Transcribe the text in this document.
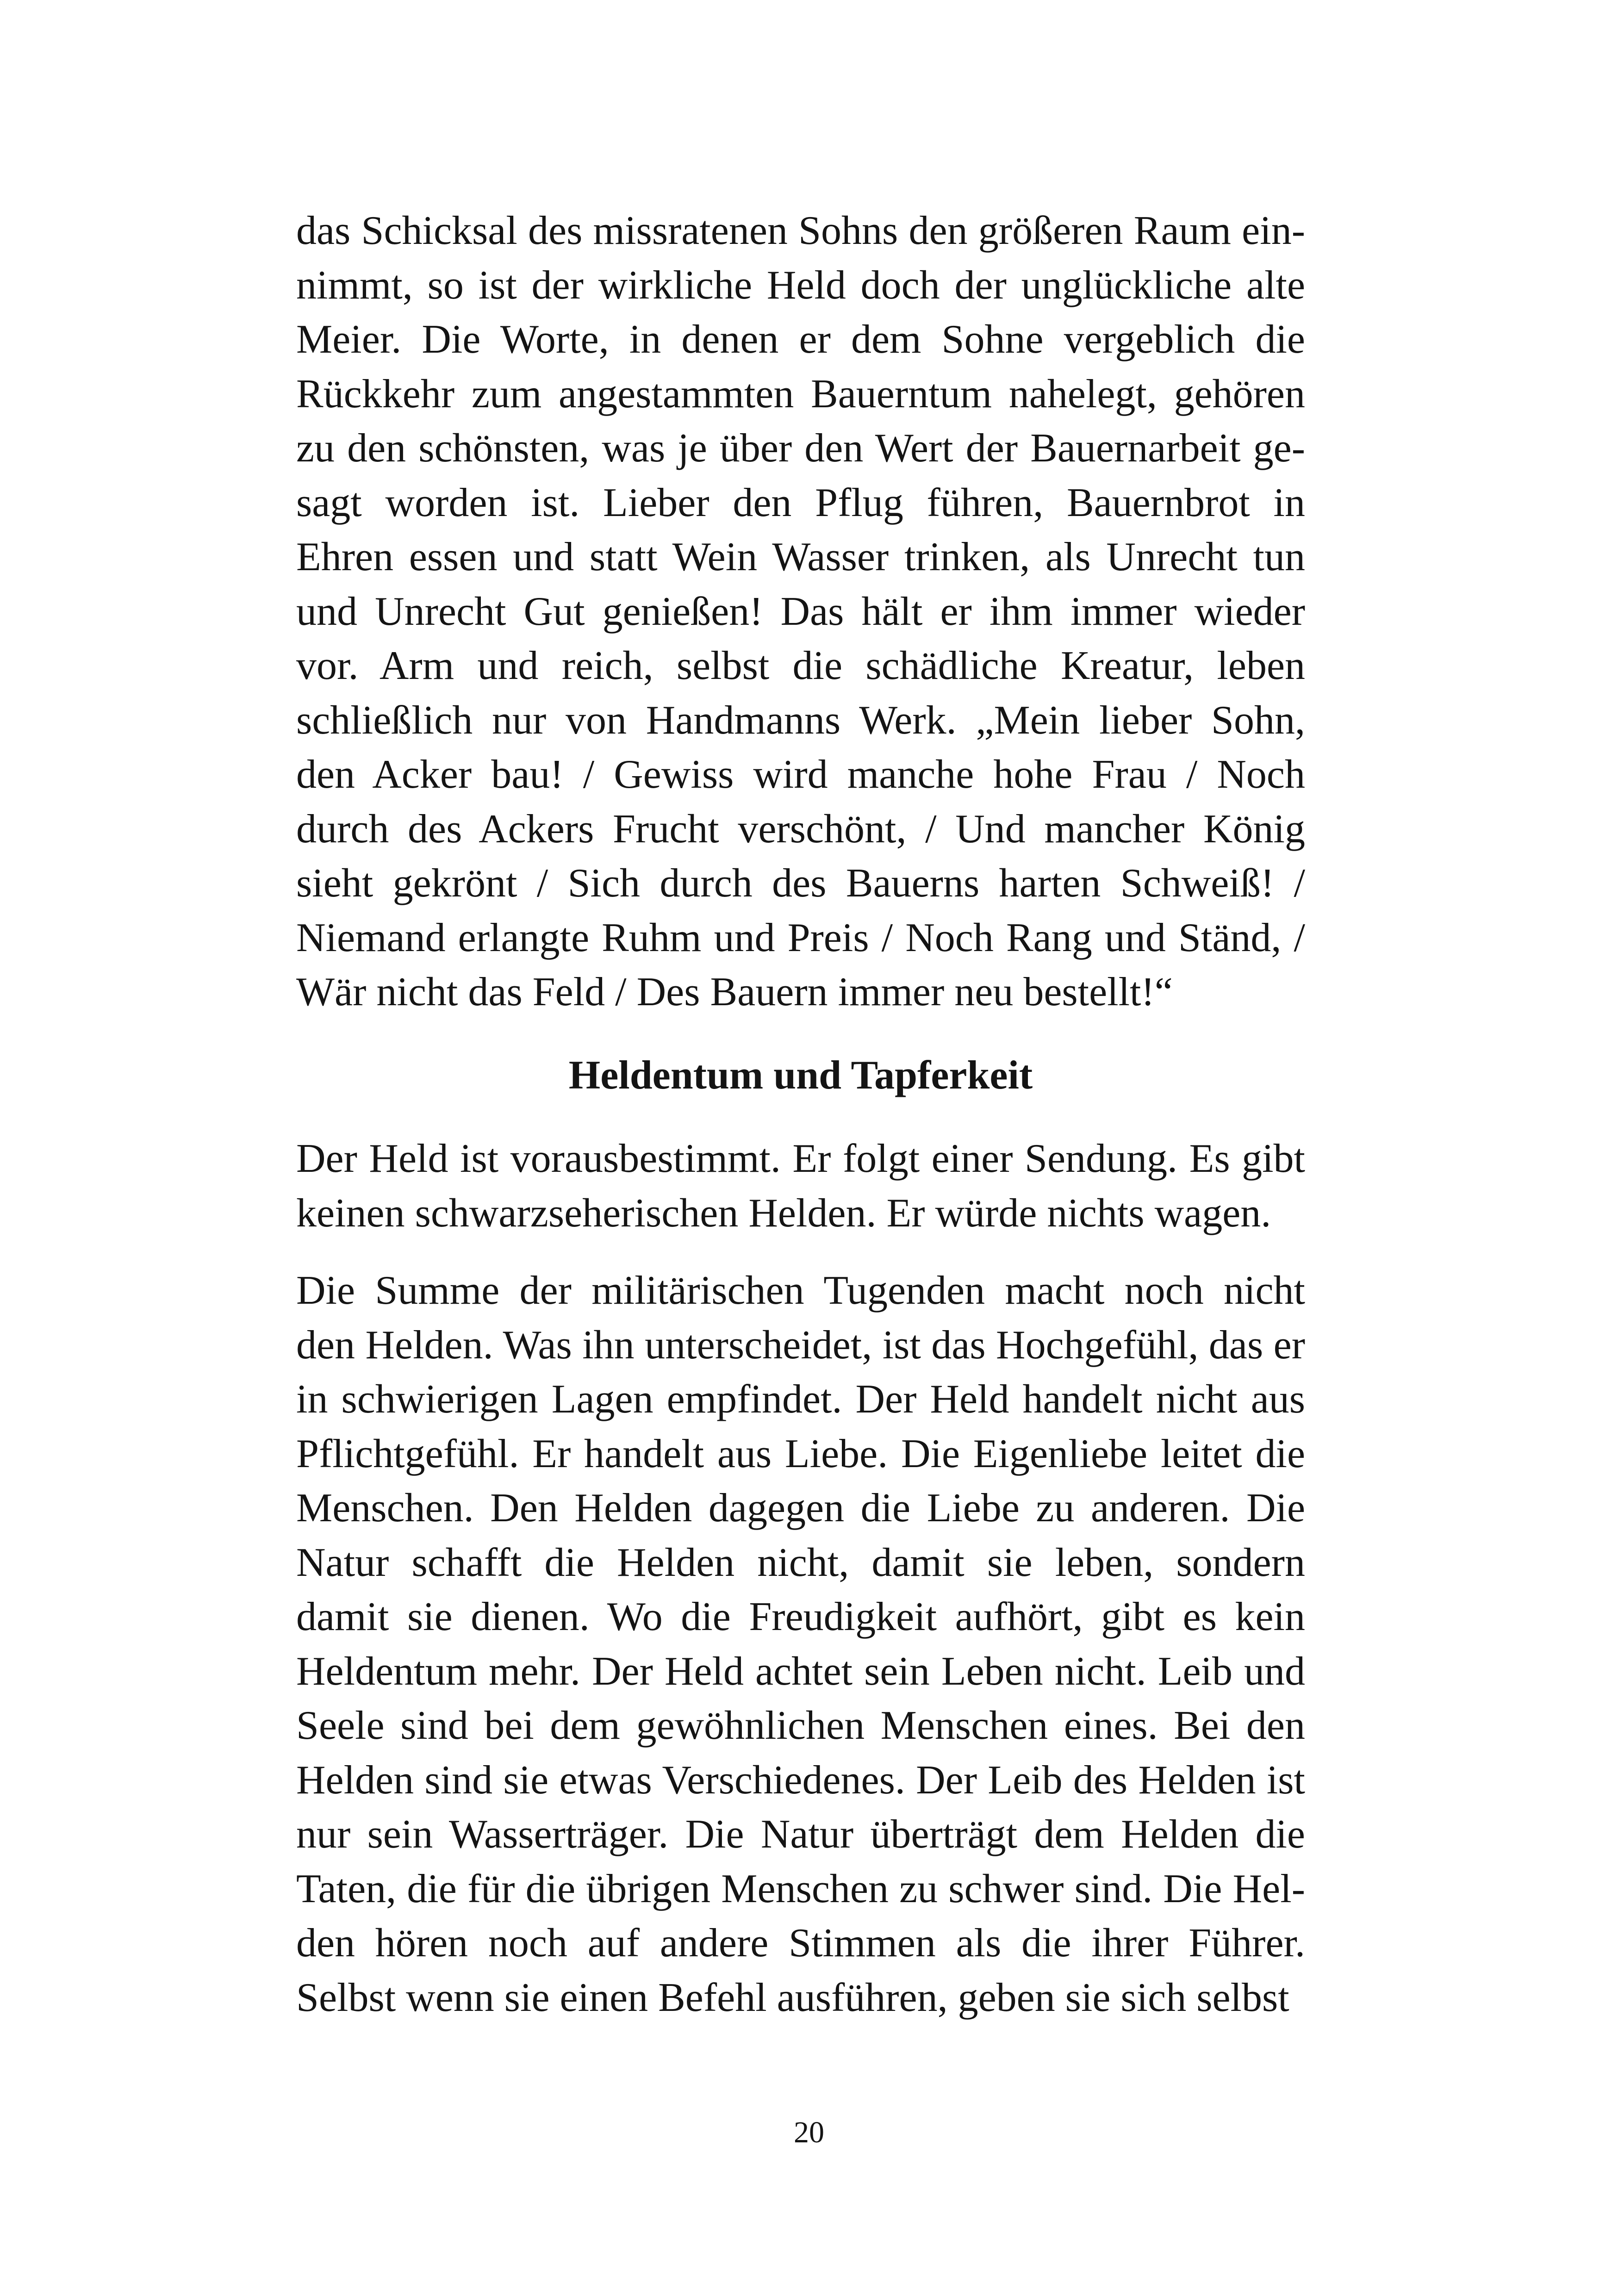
das Schicksal des missratenen Sohns den größeren Raum einnimmt, so ist der wirkliche Held doch der unglückliche alte Meier. Die Worte, in denen er dem Sohne vergeblich die Rückkehr zum angestammten Bauerntum nahelegt, gehören zu den schönsten, was je über den Wert der Bauernarbeit gesagt worden ist. Lieber den Pflug führen, Bauernbrot in Ehren essen und statt Wein Wasser trinken, als Unrecht tun und Unrecht Gut genießen! Das hält er ihm immer wieder vor. Arm und reich, selbst die schädliche Kreatur, leben schließlich nur von Handmanns Werk. „Mein lieber Sohn, den Acker bau! / Gewiss wird manche hohe Frau / Noch durch des Ackers Frucht verschönt, / Und mancher König sieht gekrönt / Sich durch des Bauerns harten Schweiß! / Niemand erlangte Ruhm und Preis / Noch Rang und Ständ, / Wär nicht das Feld / Des Bauern immer neu bestellt!“

Heldentum und Tapferkeit

Der Held ist vorausbestimmt. Er folgt einer Sendung. Es gibt keinen schwarzseherischen Helden. Er würde nichts wagen.

Die Summe der militärischen Tugenden macht noch nicht den Helden. Was ihn unterscheidet, ist das Hochgefühl, das er in schwierigen Lagen empfindet. Der Held handelt nicht aus Pflichtgefühl. Er handelt aus Liebe. Die Eigenliebe leitet die Menschen. Den Helden dagegen die Liebe zu anderen. Die Natur schafft die Helden nicht, damit sie leben, sondern damit sie dienen. Wo die Freudigkeit aufhört, gibt es kein Heldentum mehr. Der Held achtet sein Leben nicht. Leib und Seele sind bei dem gewöhnlichen Menschen eines. Bei den Helden sind sie etwas Verschiedenes. Der Leib des Helden ist nur sein Wasserträger. Die Natur überträgt dem Helden die Taten, die für die übrigen Menschen zu schwer sind. Die Helden hören noch auf andere Stimmen als die ihrer Führer. Selbst wenn sie einen Befehl ausführen, geben sie sich selbst

20
